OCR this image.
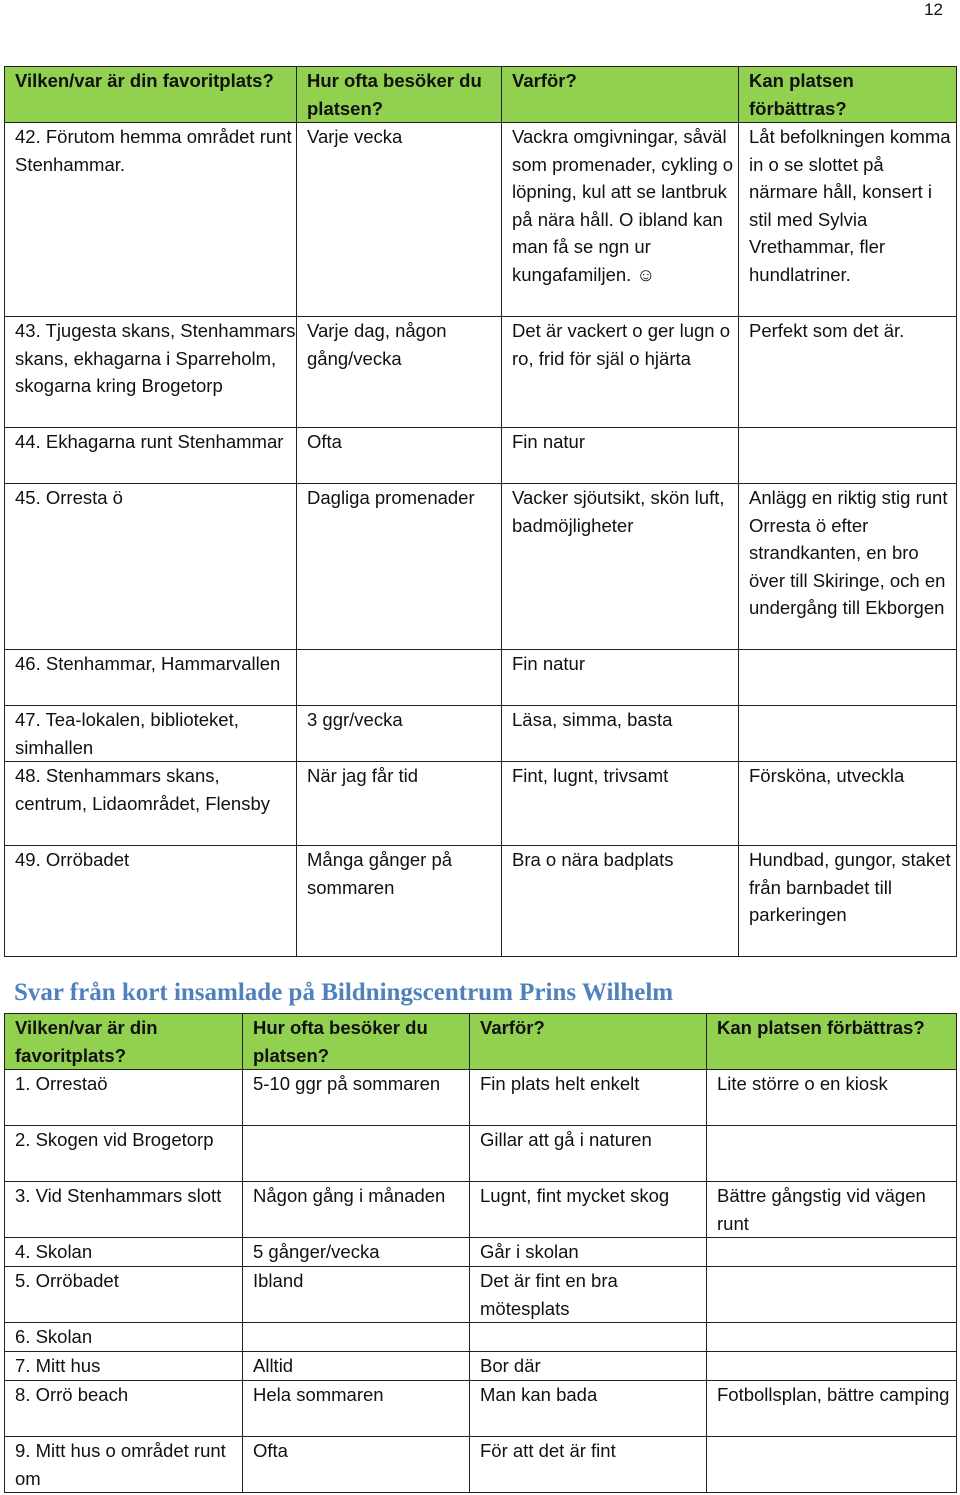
12
Vilken/var är din favoritplats?	Hur ofta besöker du platsen?	Varför?	Kan platsen förbättras?
42. Förutom hemma området runt Stenhammar.	Varje vecka	Vackra omgivningar, såväl som promenader, cykling o löpning, kul att se lantbruk på nära håll. O ibland kan man få se ngn ur kungafamiljen. ☺	Låt befolkningen komma in o se slottet på närmare håll, konsert i stil med Sylvia Vrethammar, fler hundlatriner.
43. Tjugesta skans, Stenhammars skans, ekhagarna i Sparreholm, skogarna kring Brogetorp	Varje dag, någon gång/vecka	Det är vackert o ger lugn o ro, frid för själ o hjärta	Perfekt som det är.
44. Ekhagarna runt Stenhammar	Ofta	Fin natur	
45. Orresta ö	Dagliga promenader	Vacker sjöutsikt, skön luft, badmöjligheter	Anlägg en riktig stig runt Orresta ö efter strandkanten, en bro över till Skiringe, och en undergång till Ekborgen
46. Stenhammar, Hammarvallen		Fin natur	
47. Tea-lokalen, biblioteket, simhallen	3 ggr/vecka	Läsa, simma, basta	
48. Stenhammars skans, centrum, Lidaområdet, Flensby	När jag får tid	Fint, lugnt, trivsamt	Försköna, utveckla
49. Orröbadet	Många gånger på sommaren	Bra o nära badplats	Hundbad, gungor, staket från barnbadet till parkeringen
Svar från kort insamlade på Bildningscentrum Prins Wilhelm
Vilken/var är din favoritplats?	Hur ofta besöker du platsen?	Varför?	Kan platsen förbättras?
1. Orrestaö	5-10 ggr på sommaren	Fin plats helt enkelt	Lite större o en kiosk
2. Skogen vid Brogetorp		Gillar att gå i naturen	
3. Vid Stenhammars slott	Någon gång i månaden	Lugnt, fint mycket skog	Bättre gångstig vid vägen runt
4. Skolan	5 gånger/vecka	Går i skolan	
5. Orröbadet	Ibland	Det är fint en bra mötesplats	
6. Skolan			
7. Mitt hus	Alltid	Bor där	
8. Orrö beach	Hela sommaren	Man kan bada	Fotbollsplan, bättre camping
9. Mitt hus o området runt om	Ofta	För att det är fint	
